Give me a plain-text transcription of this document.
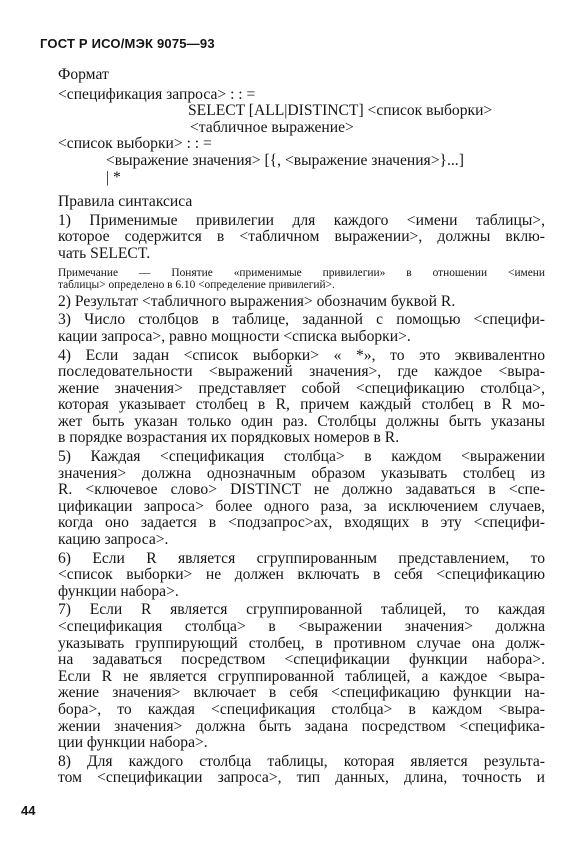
ГОСТ Р ИСО/МЭК 9075—93
Формат
<спецификация запроса> : : =
SELECT [ALL|DISTINCT] <список выборки>
<табличное выражение>
<список выборки> : : =
<выражение значения> [{, <выражение значения>}...]
| *
Правила синтаксиса
1) Применимые привилегии для каждого <имени таблицы>,
которое содержится в <табличном выражении>, должны вклю-
чать SELECT.
Примечание — Понятие «применимые привилегии» в отношении <имени
таблицы> определено в 6.10 <определение привилегий>.
2) Результат <табличного выражения> обозначим буквой R.
3) Число столбцов в таблице, заданной с помощью <специфи-
кации запроса>, равно мощности <списка выборки>.
4) Если задан <список выборки> « *», то это эквивалентно
последовательности <выражений значения>, где каждое <выра-
жение значения> представляет собой <спецификацию столбца>,
которая указывает столбец в R, причем каждый столбец в R мо-
жет быть указан только один раз. Столбцы должны быть указаны
в порядке возрастания их порядковых номеров в R.
5) Каждая <спецификация столбца> в каждом <выражении
значения> должна однозначным образом указывать столбец из
R. <ключевое слово> DISTINCT не должно задаваться в <спе-
цификации запроса> более одного раза, за исключением случаев,
когда оно задается в <подзапрос>ах, входящих в эту <специфи-
кацию запроса>.
6) Если R является сгруппированным представлением, то
<список выборки> не должен включать в себя <спецификацию
функции набора>.
7) Если R является сгруппированной таблицей, то каждая
<спецификация столбца> в <выражении значения> должна
указывать группирующий столбец, в противном случае она долж-
на задаваться посредством <спецификации функции набора>.
Если R не является сгруппированной таблицей, а каждое <выра-
жение значения> включает в себя <спецификацию функции на-
бора>, то каждая <спецификация столбца> в каждом <выра-
жении значения> должна быть задана посредством <специфика-
ции функции набора>.
8) Для каждого столбца таблицы, которая является результа-
том <спецификации запроса>, тип данных, длина, точность и
44
